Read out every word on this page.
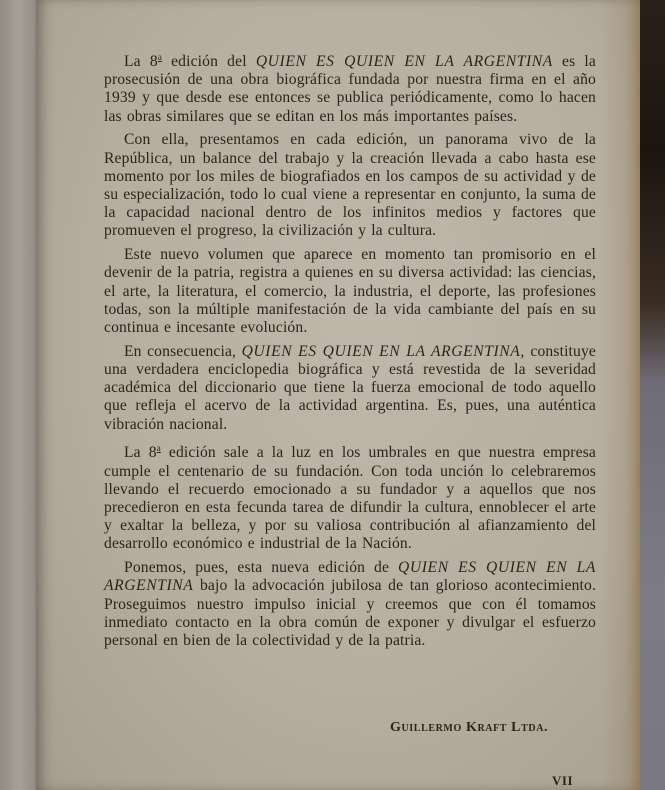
La 8$^a$ edición del QUIEN ES QUIEN EN LA ARGENTINA es la prosecusión de una obra biográfica fundada por nuestra firma en el año 1939 y que desde ese entonces se publica periódicamente, como lo hacen las obras similares que se editan en los más importantes países.

Con ella, presentamos en cada edición, un panorama vivo de la República, un balance del trabajo y la creación llevada a cabo hasta ese momento por los miles de biografiados en los campos de su actividad y de su especialización, todo lo cual viene a representar en conjunto, la suma de la capacidad nacional dentro de los infinitos medios y factores que promueven el progreso, la civilización y la cultura.

Este nuevo volumen que aparece en momento tan promisorio en el devenir de la patria, registra a quienes en su diversa actividad: las ciencias, el arte, la literatura, el comercio, la industria, el deporte, las profesiones todas, son la múltiple manifestación de la vida cambiante del país en su continua e incesante evolución.

En consecuencia, QUIEN ES QUIEN EN LA ARGENTINA, constituye una verdadera enciclopedia biográfica y está revestida de la severidad académica del diccionario que tiene la fuerza emocional de todo aquello que refleja el acervo de la actividad argentina. Es, pues, una auténtica vibración nacional.

La 8$^a$ edición sale a la luz en los umbrales en que nuestra empresa cumple el centenario de su fundación. Con toda unción lo celebraremos llevando el recuerdo emocionado a su fundador y a aquellos que nos precedieron en esta fecunda tarea de difundir la cultura, ennoblecer el arte y exaltar la belleza, y por su valiosa contribución al afianzamiento del desarrollo económico e industrial de la Nación.

Ponemos, pues, esta nueva edición de QUIEN ES QUIEN EN LA ARGENTINA bajo la advocación jubilosa de tan glorioso acontecimiento. Proseguimos nuestro impulso inicial y creemos que con él tomamos inmediato contacto en la obra común de exponer y divulgar el esfuerzo personal en bien de la colectividad y de la patria.

Guillermo Kraft Ltda.
VII
